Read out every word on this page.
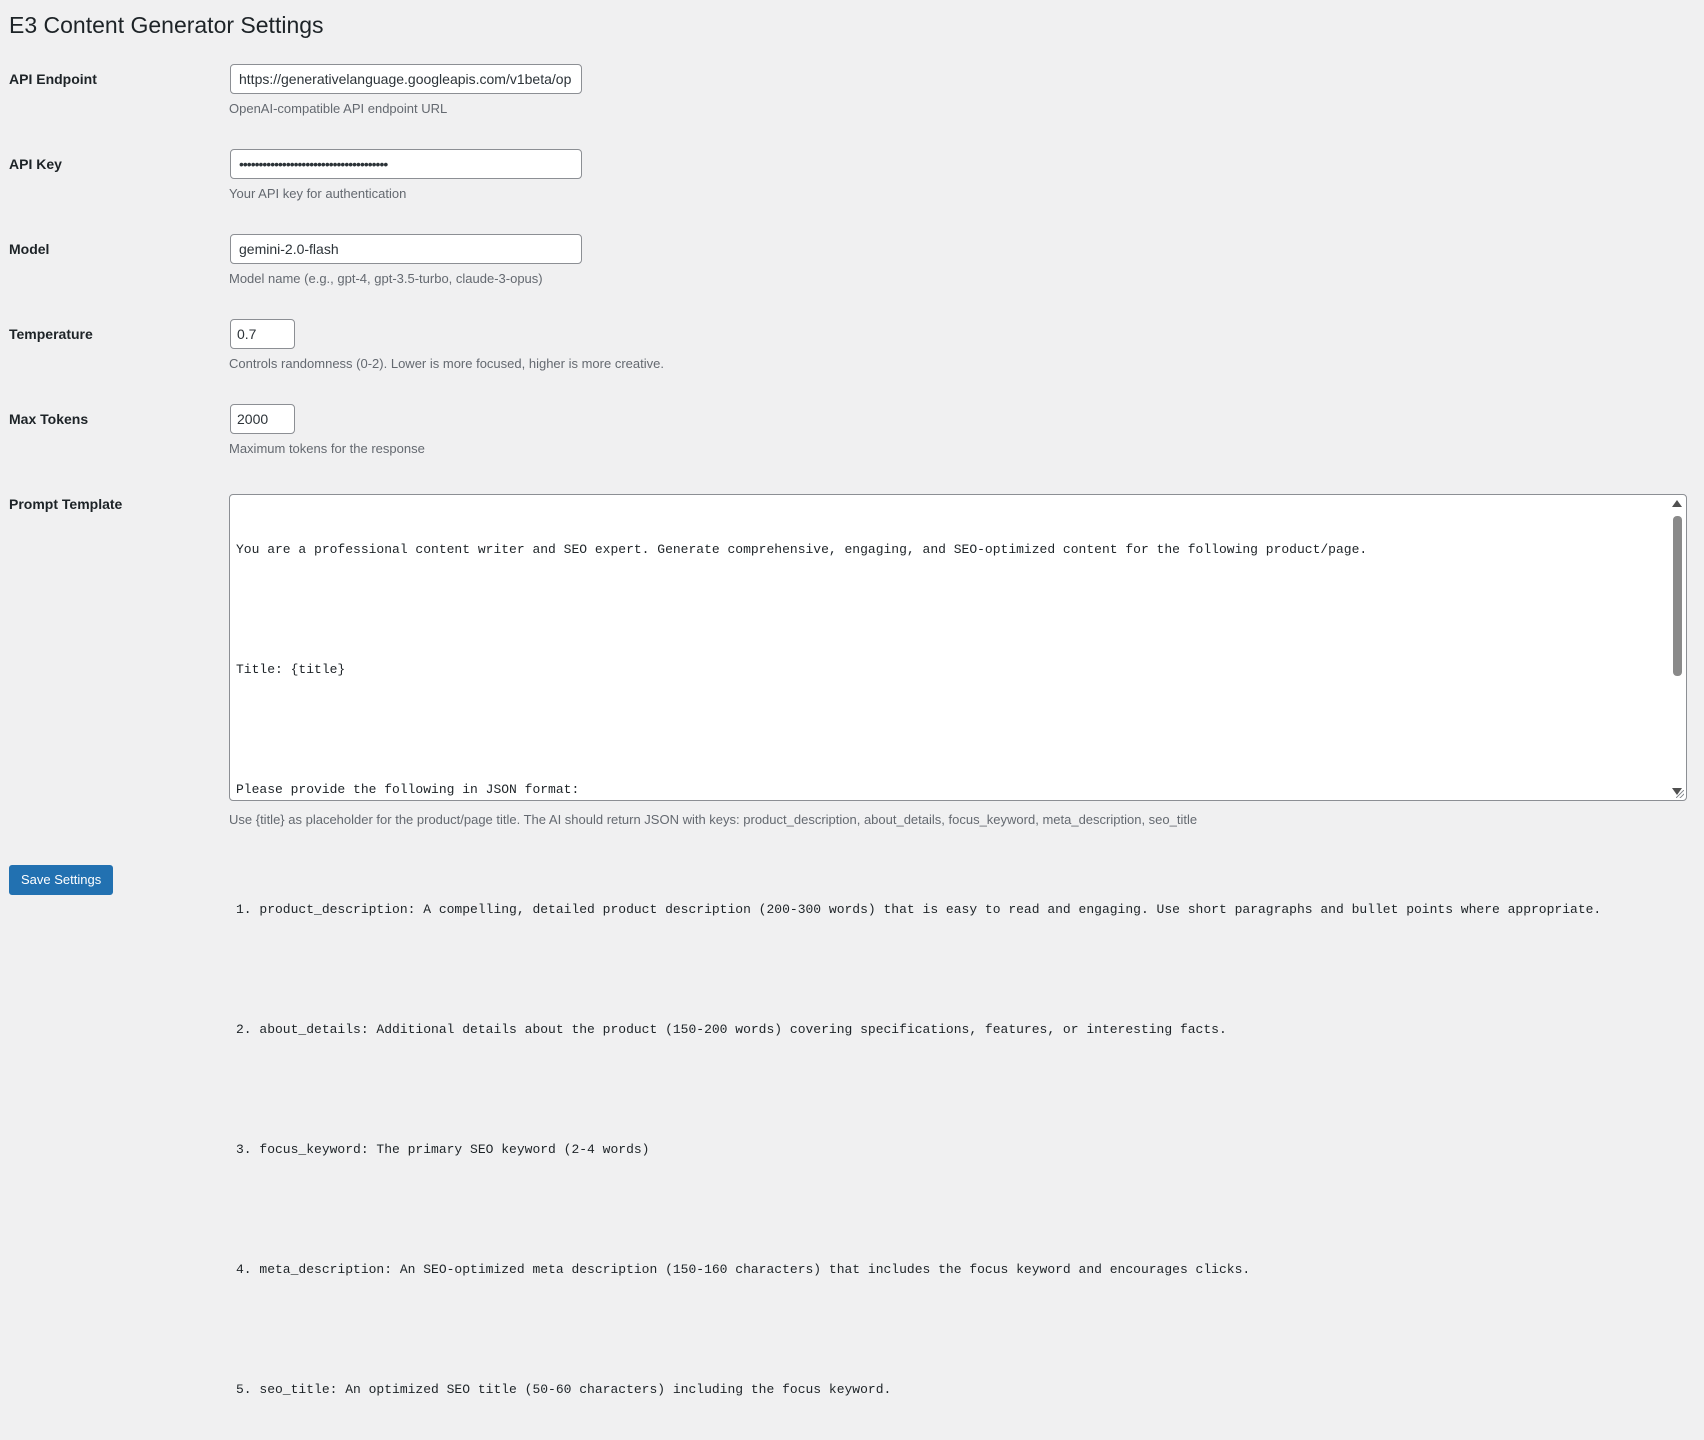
E3 Content Generator Settings
API Endpoint	https://generativelanguage.googleapis.com/v1beta/op
OpenAI-compatible API endpoint URL
API Key	••••••••••••••••••••••••••••••••••••••
Your API key for authentication
Model	gemini-2.0-flash
Model name (e.g., gpt-4, gpt-3.5-turbo, claude-3-opus)
Temperature	0.7
Controls randomness (0-2). Lower is more focused, higher is more creative.
Max Tokens	2000
Maximum tokens for the response
Prompt Template

You are a professional content writer and SEO expert. Generate comprehensive, engaging, and SEO-optimized content for the following product/page.

Title: {title}

Please provide the following in JSON format:

1. product_description: A compelling, detailed product description (200-300 words) that is easy to read and engaging. Use short paragraphs and bullet points where appropriate.

2. about_details: Additional details about the product (150-200 words) covering specifications, features, or interesting facts.

3. focus_keyword: The primary SEO keyword (2-4 words)

4. meta_description: An SEO-optimized meta description (150-160 characters) that includes the focus keyword and encourages clicks.

5. seo_title: An optimized SEO title (50-60 characters) including the focus keyword.

Use {title} as placeholder for the product/page title. The AI should return JSON with keys: product_description, about_details, focus_keyword, meta_description, seo_title
Save Settings
